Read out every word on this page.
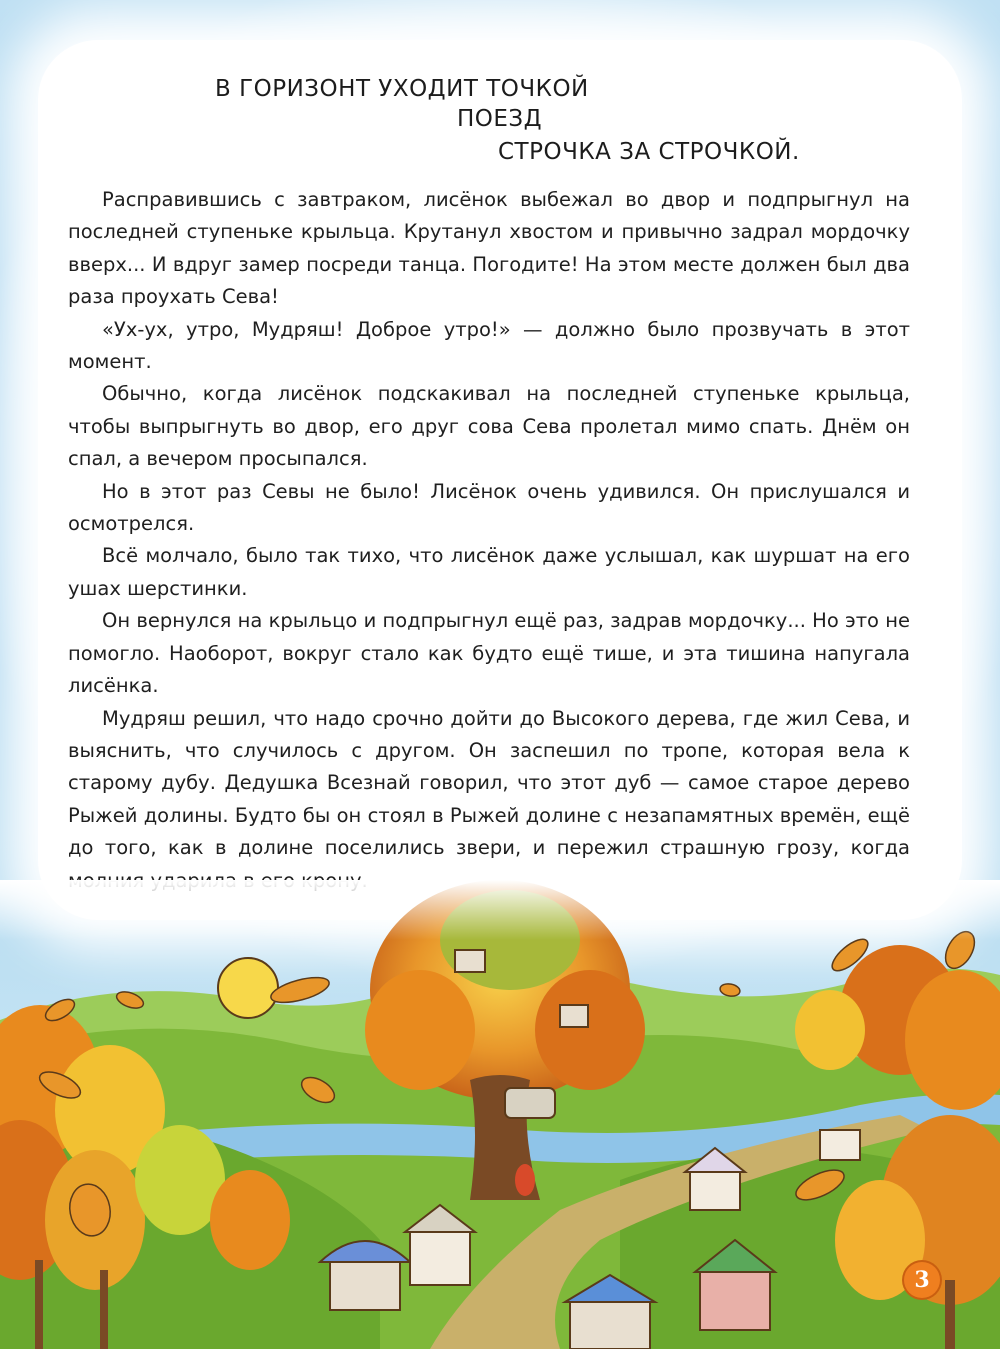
В ГОРИЗОНТ УХОДИТ ТОЧКОЙ
ПОЕЗД
СТРОЧКА ЗА СТРОЧКОЙ.

Расправившись с завтраком, лисёнок выбежал во двор и подпрыгнул на последней ступеньке крыльца. Крутанул хвостом и привычно задрал мордочку вверх... И вдруг замер посреди танца. Погодите! На этом месте должен был два раза проухать Сева!

«Ух-ух, утро, Мудряш! Доброе утро!» — должно было прозвучать в этот момент.

Обычно, когда лисёнок подскакивал на последней ступеньке крыльца, чтобы выпрыгнуть во двор, его друг сова Сева пролетал мимо спать. Днём он спал, а вечером просыпался.

Но в этот раз Севы не было! Лисёнок очень удивился. Он прислушался и осмотрелся.

Всё молчало, было так тихо, что лисёнок даже услышал, как шуршат на его ушах шерстинки.

Он вернулся на крыльцо и подпрыгнул ещё раз, задрав мордочку... Но это не помогло. Наоборот, вокруг стало как будто ещё тише, и эта тишина напугала лисёнка.

Мудряш решил, что надо срочно дойти до Высокого дерева, где жил Сева, и выяснить, что случилось с другом. Он заспешил по тропе, которая вела к старому дубу. Дедушка Всезнай говорил, что этот дуб — самое старое дерево Рыжей долины. Будто бы он стоял в Рыжей долине с незапамятных времён, ещё до того, как в долине поселились звери, и пережил страшную грозу, когда

3
